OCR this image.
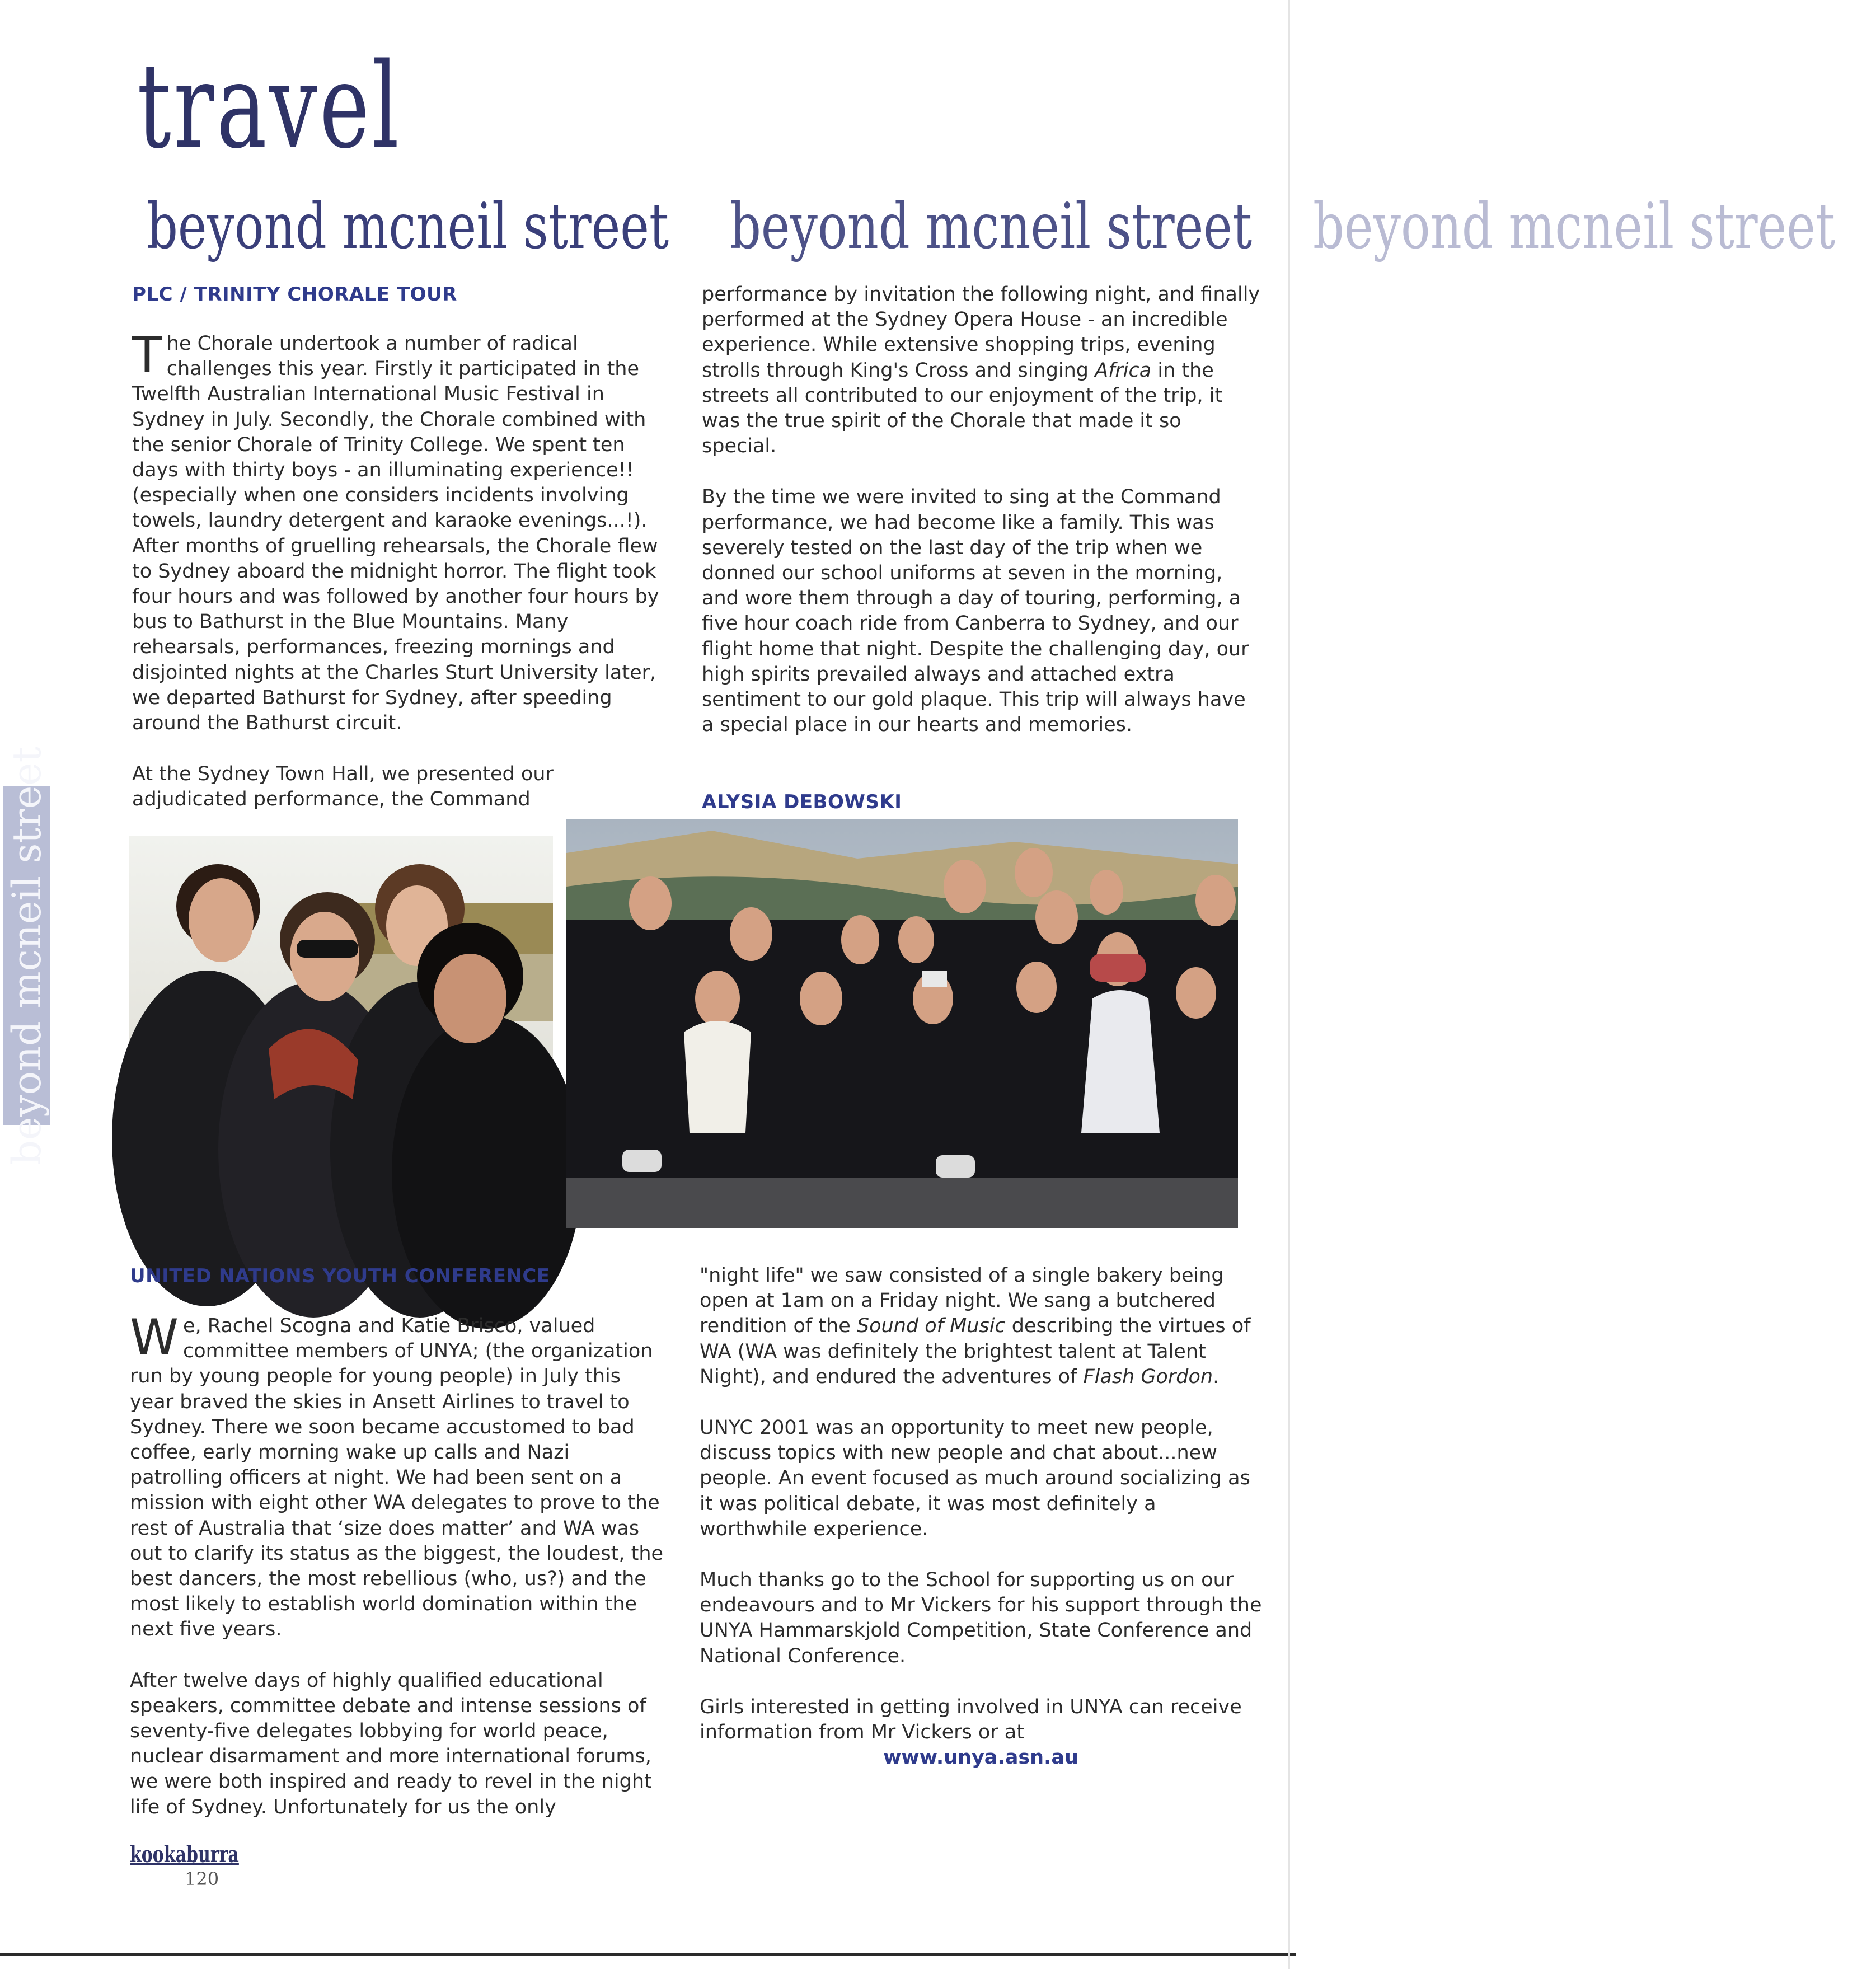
travel
beyond mcneil street beyond mcneil street beyond mcneil street
beyond mcneil street
PLC / TRINITY CHORALE TOUR

The Chorale undertook a number of radical challenges this year. Firstly it participated in the Twelfth Australian International Music Festival in Sydney in July. Secondly, the Chorale combined with the senior Chorale of Trinity College. We spent ten days with thirty boys - an illuminating experience!! (especially when one considers incidents involving towels, laundry detergent and karaoke evenings...!). After months of gruelling rehearsals, the Chorale flew to Sydney aboard the midnight horror. The flight took four hours and was followed by another four hours by bus to Bathurst in the Blue Mountains. Many rehearsals, performances, freezing mornings and disjointed nights at the Charles Sturt University later, we departed Bathurst for Sydney, after speeding around the Bathurst circuit.

At the Sydney Town Hall, we presented our adjudicated performance, the Command

performance by invitation the following night, and finally performed at the Sydney Opera House - an incredible experience. While extensive shopping trips, evening strolls through King's Cross and singing Africa in the streets all contributed to our enjoyment of the trip, it was the true spirit of the Chorale that made it so special.

By the time we were invited to sing at the Command performance, we had become like a family. This was severely tested on the last day of the trip when we donned our school uniforms at seven in the morning, and wore them through a day of touring, performing, a five hour coach ride from Canberra to Sydney, and our flight home that night. Despite the challenging day, our high spirits prevailed always and attached extra sentiment to our gold plaque. This trip will always have a special place in our hearts and memories.

ALYSIA DEBOWSKI
UNITED NATIONS YOUTH CONFERENCE

We, Rachel Scogna and Katie Brisco, valued committee members of UNYA; (the organization run by young people for young people) in July this year braved the skies in Ansett Airlines to travel to Sydney. There we soon became accustomed to bad coffee, early morning wake up calls and Nazi patrolling officers at night. We had been sent on a mission with eight other WA delegates to prove to the rest of Australia that ‘size does matter’ and WA was out to clarify its status as the biggest, the loudest, the best dancers, the most rebellious (who, us?) and the most likely to establish world domination within the next five years.

After twelve days of highly qualified educational speakers, committee debate and intense sessions of seventy-five delegates lobbying for world peace, nuclear disarmament and more international forums, we were both inspired and ready to revel in the night life of Sydney. Unfortunately for us the only

"night life" we saw consisted of a single bakery being open at 1am on a Friday night. We sang a butchered rendition of the Sound of Music describing the virtues of WA (WA was definitely the brightest talent at Talent Night), and endured the adventures of Flash Gordon.

UNYC 2001 was an opportunity to meet new people, discuss topics with new people and chat about...new people. An event focused as much around socializing as it was political debate, it was most definitely a worthwhile experience.

Much thanks go to the School for supporting us on our endeavours and to Mr Vickers for his support through the UNYA Hammarskjold Competition, State Conference and National Conference.

Girls interested in getting involved in UNYA can receive information from Mr Vickers or at

www.unya.asn.au

kookaburra
120
